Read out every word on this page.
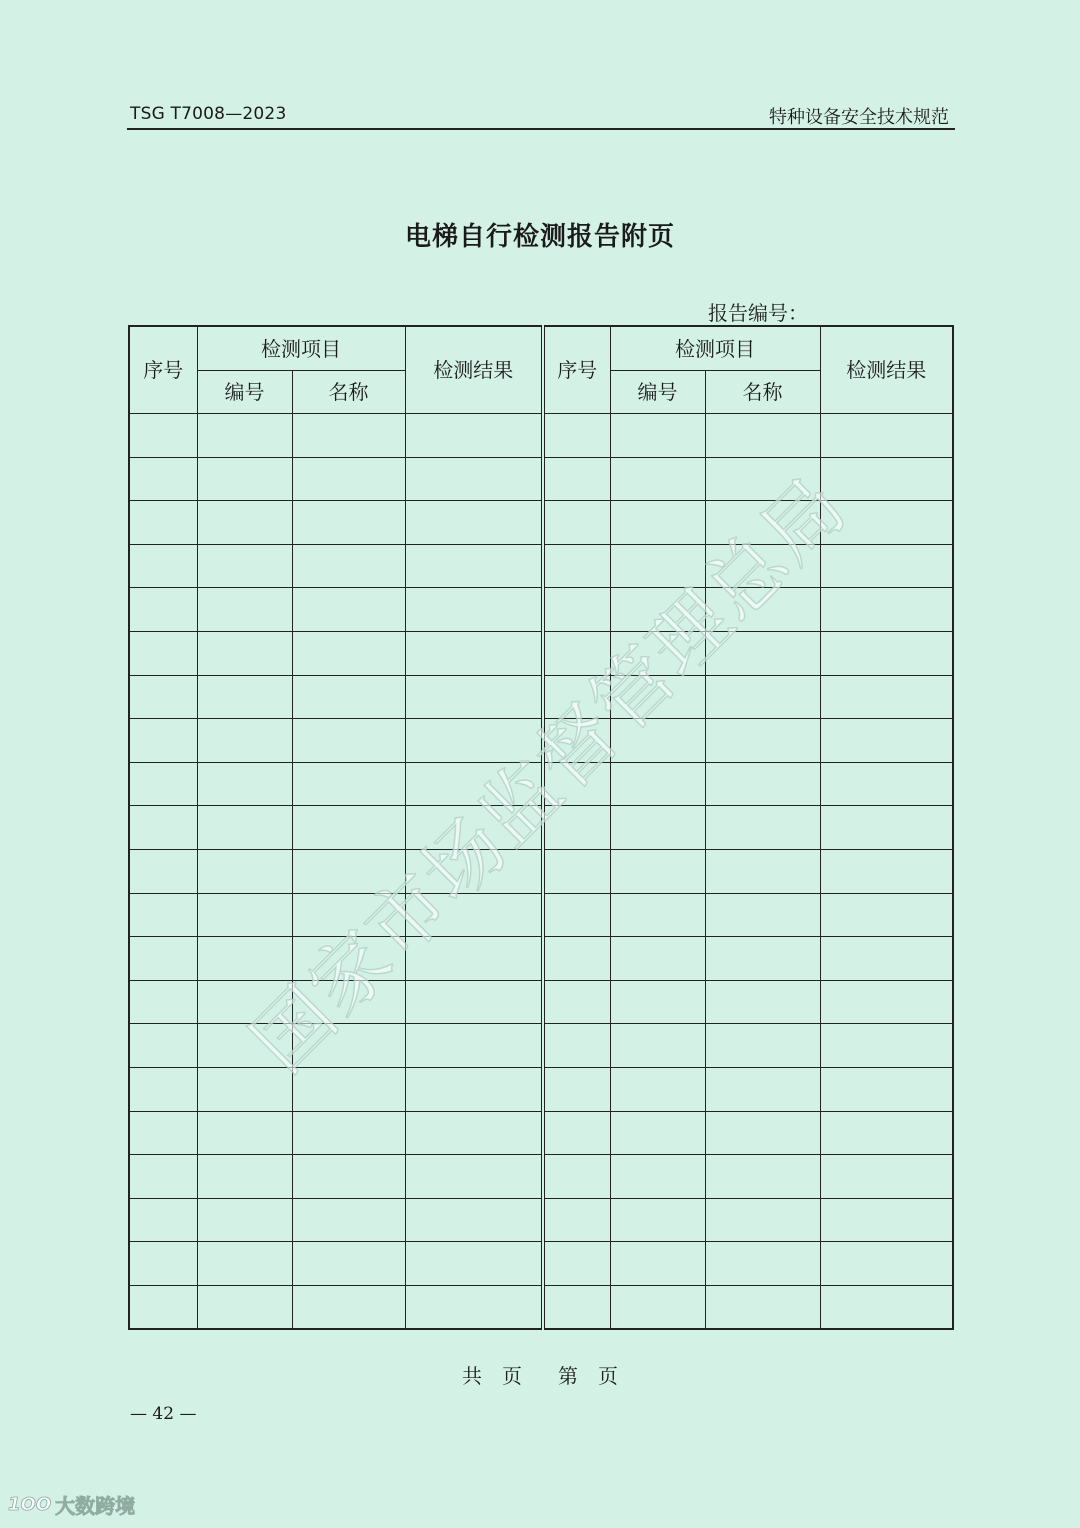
TSG T7008—2023	特种设备安全技术规范
电梯自行检测报告附页
报告编号：
序号	检测项目		检测结果	序号	检测项目		检测结果
	编号	名称			编号	名称	

共 页 第 页
— 42 —
国家市场监督管理总局
1OO 大数跨境
